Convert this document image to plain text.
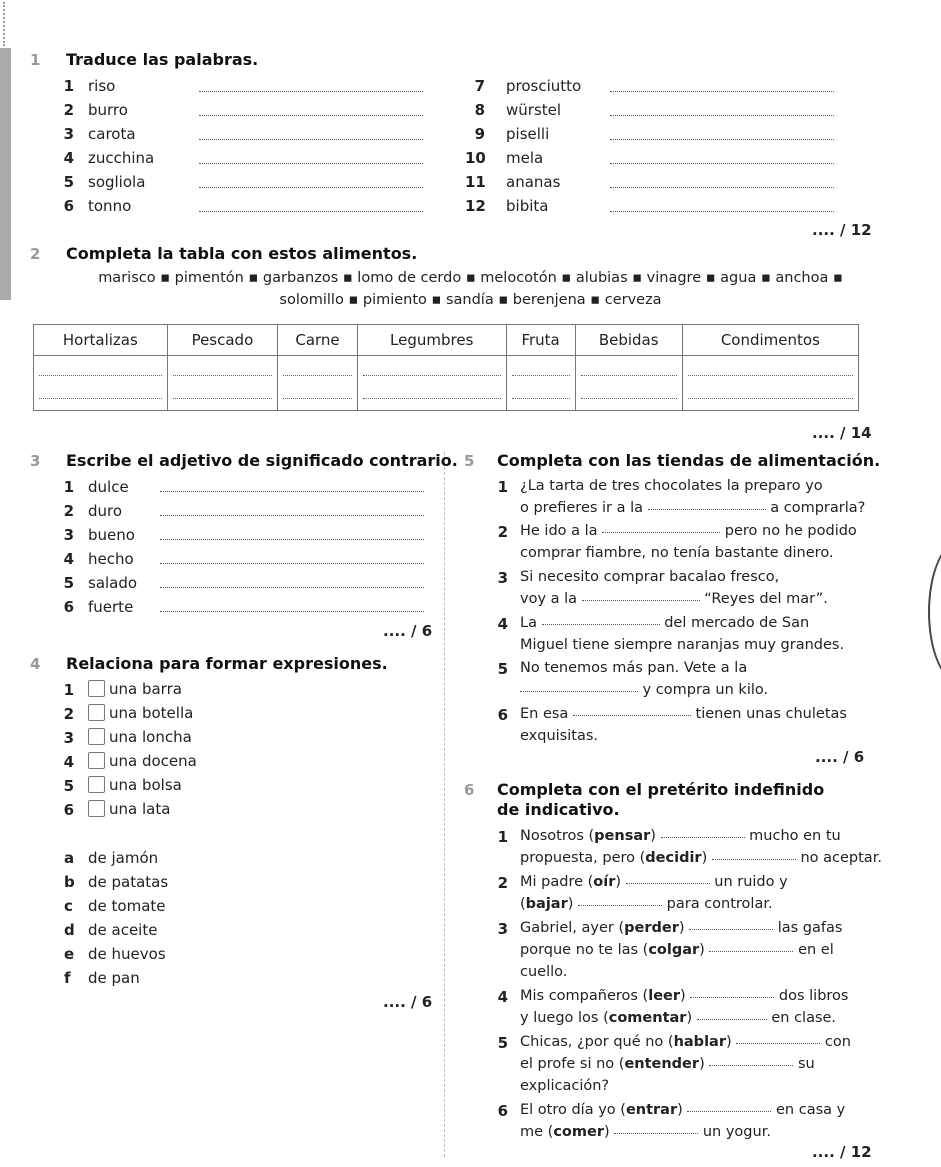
1 Traduce las palabras.
1 riso
2 burro
3 carota
4 zucchina
5 sogliola
6 tonno
7 prosciutto
8 würstel
9 piselli
10 mela
11 ananas
12 bibita
.... / 12
2 Completa la tabla con estos alimentos.
marisco ▪ pimentón ▪ garbanzos ▪ lomo de cerdo ▪ melocotón ▪ alubias ▪ vinagre ▪ agua ▪ anchoa ▪
solomillo ▪ pimiento ▪ sandía ▪ berenjena ▪ cerveza
Hortalizas	Pescado	Carne	Legumbres	Fruta	Bebidas	Condimentos

.... / 14
3 Escribe el adjetivo de significado contrario.
1 dulce
2 duro
3 bueno
4 hecho
5 salado
6 fuerte
.... / 6
4 Relaciona para formar expresiones.
1	una barra
2	una botella
3	una loncha
4	una docena
5	una bolsa
6	una lata
a de jamón
b de patatas
c de tomate
d de aceite
e de huevos
f de pan
.... / 6
5 Completa con las tiendas de alimentación.
1 ¿La tarta de tres chocolates la preparo yo
o prefieres ir a la	a comprarla?
2 He ido a la	pero no he podido
comprar fiambre, no tenía bastante dinero.
3 Si necesito comprar bacalao fresco,
voy a la	“Reyes del mar”.
4 La	del mercado de San
Miguel tiene siempre naranjas muy grandes.
5 No tenemos más pan. Vete a la
y compra un kilo.
6 En esa	tienen unas chuletas
exquisitas.
.... / 6
6 Completa con el pretérito indefinido
de indicativo.
1 Nosotros (pensar)	mucho en tu
propuesta, pero (decidir)	no aceptar.
2 Mi padre (oír)	un ruido y
(bajar)	para controlar.
3 Gabriel, ayer (perder)	las gafas
porque no te las (colgar)	en el
cuello.
4 Mis compañeros (leer)	dos libros
y luego los (comentar)	en clase.
5 Chicas, ¿por qué no (hablar)	con
el profe si no (entender)	su
explicación?
6 El otro día yo (entrar)	en casa y
me (comer)	un yogur.
.... / 12
